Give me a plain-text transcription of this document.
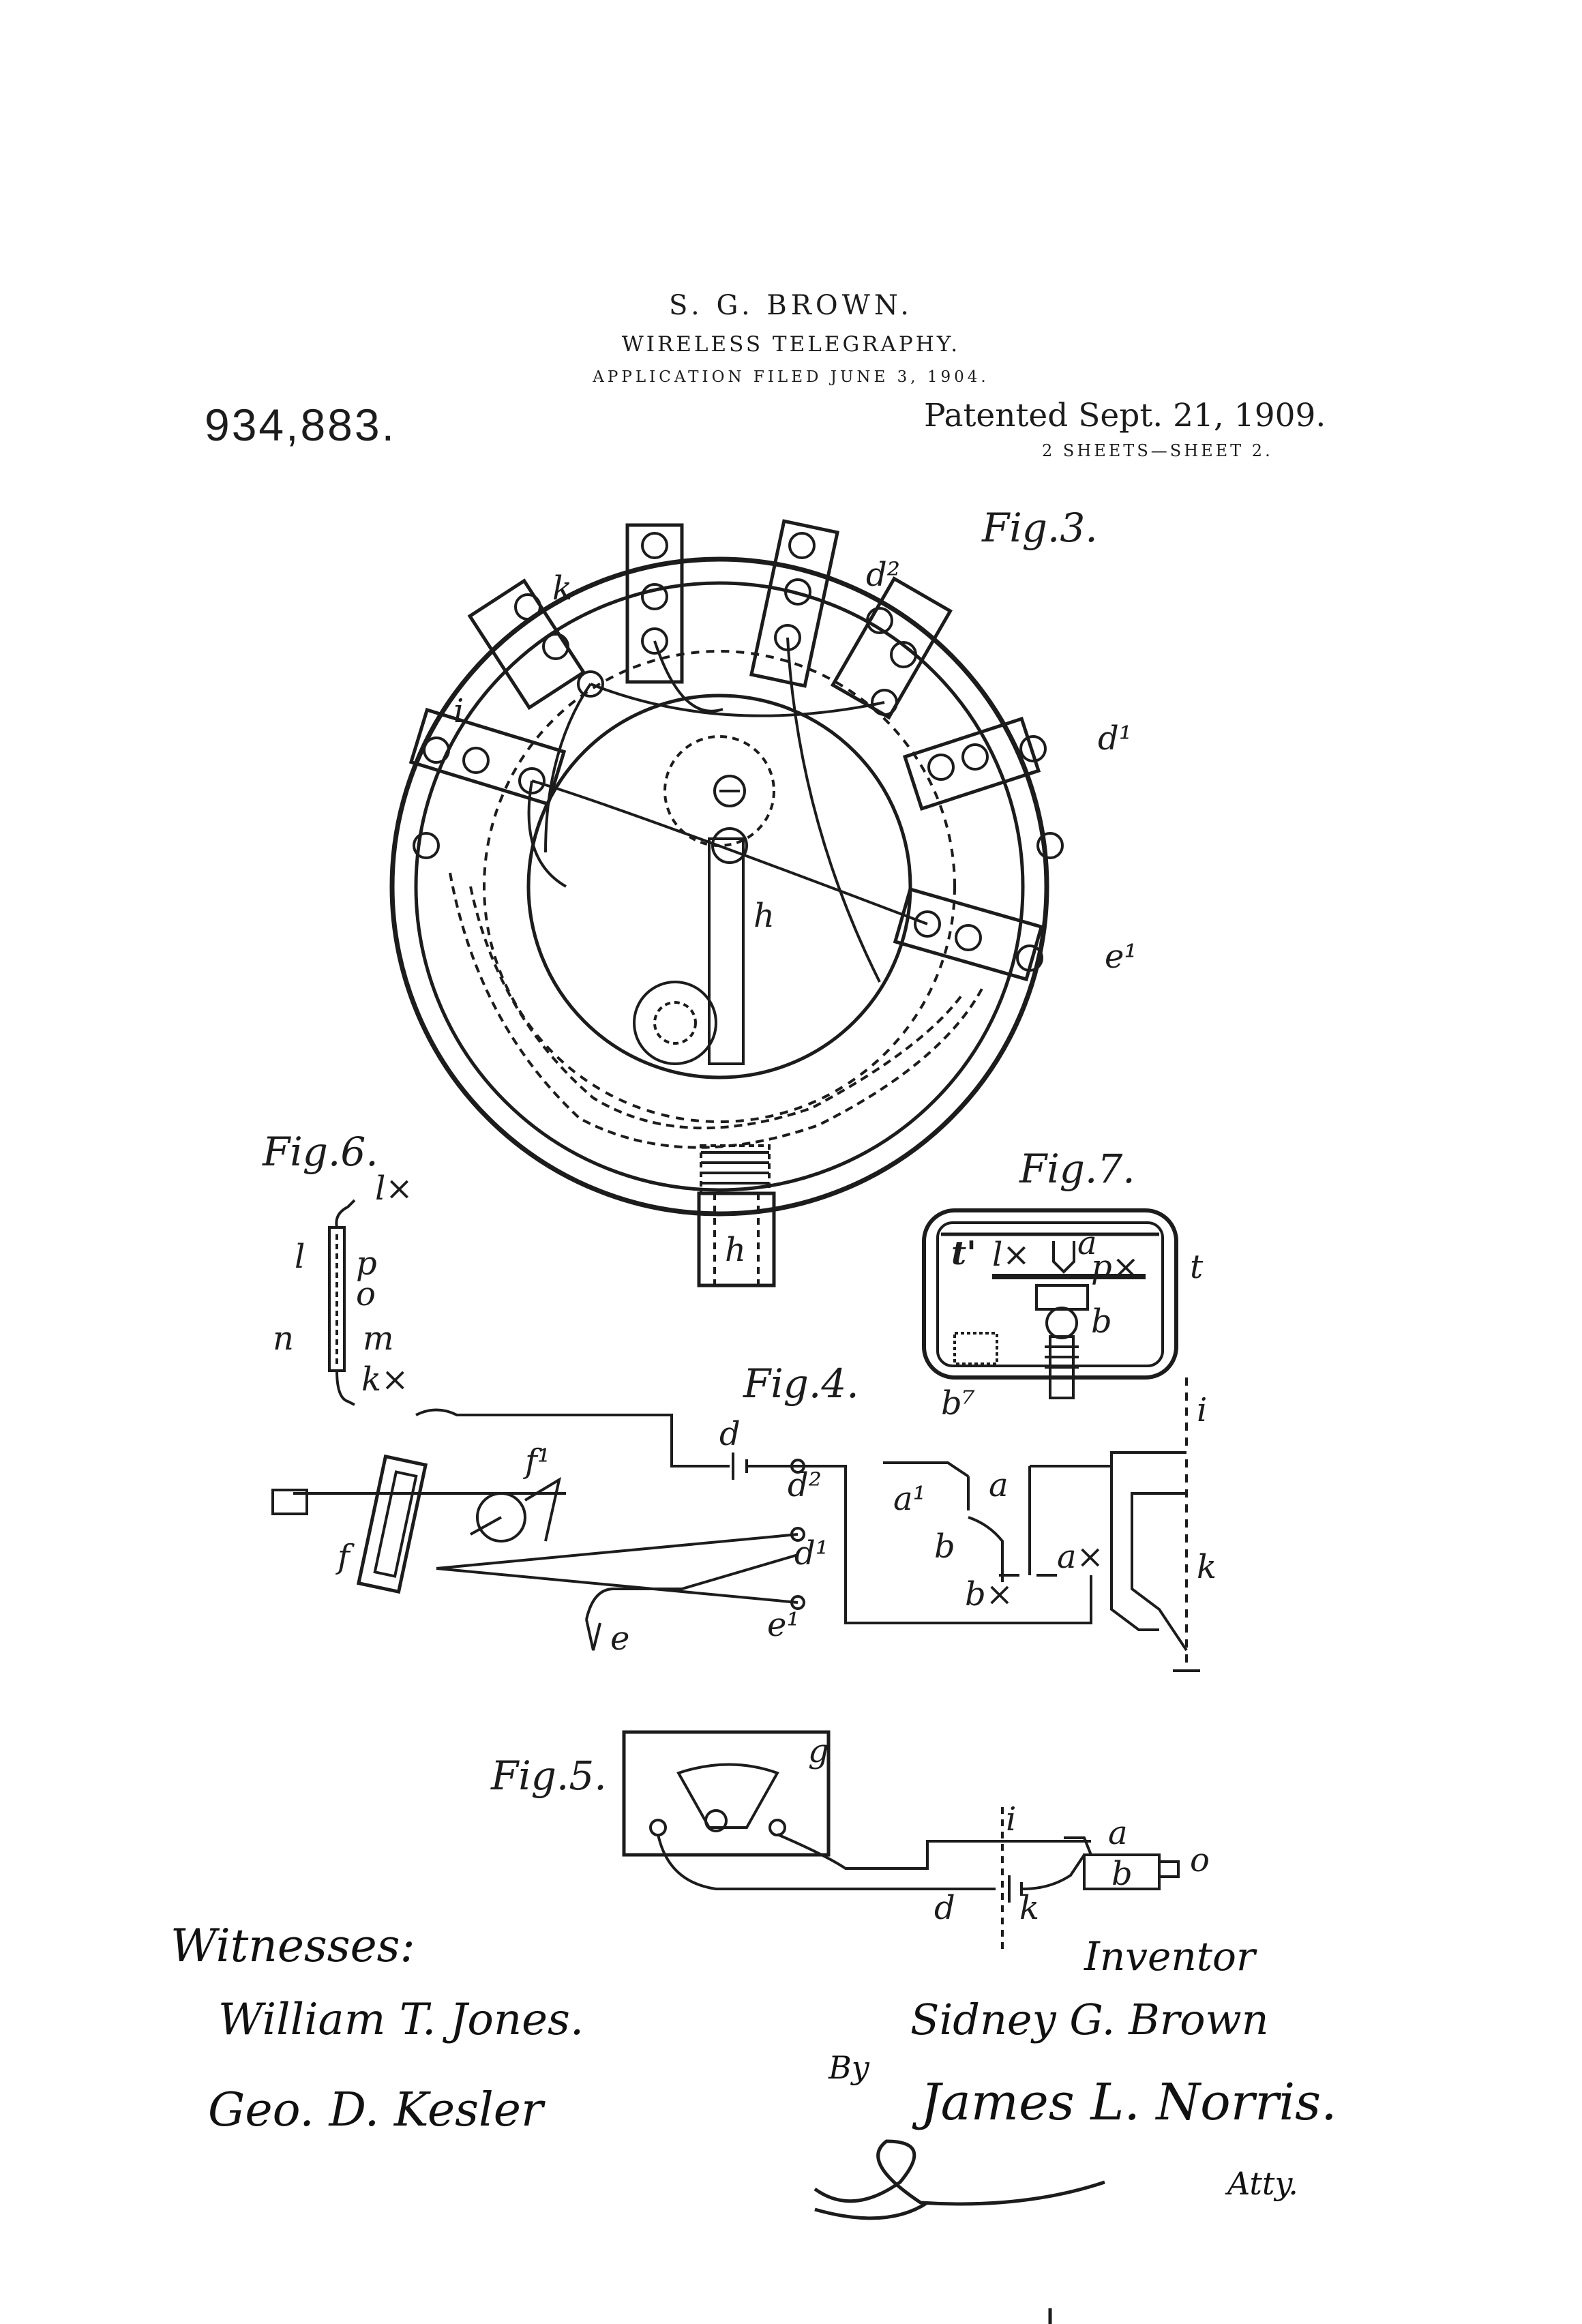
S. G. BROWN.
WIRELESS TELEGRAPHY.
APPLICATION FILED JUNE 3, 1904.
934,883.	Patented Sept. 21, 1909.
2 SHEETS—SHEET 2.
Fig.3.
Fig.4.
Fig.5.
Fig.6.	Fig.7.
k	d²
i
d¹
h
e¹
h
l p
o
n m
l×
k×
t' l× a
p× t
b
b⁷
d
d² a¹ a
b	a×
b×
d¹
e¹
e
f
f¹
i
k
g
i	a
b o
d k
Witnesses:
William T. Jones.
Geo. D. Kesler
Inventor
Sidney G. Brown
By
James L. Norris.
Atty.
